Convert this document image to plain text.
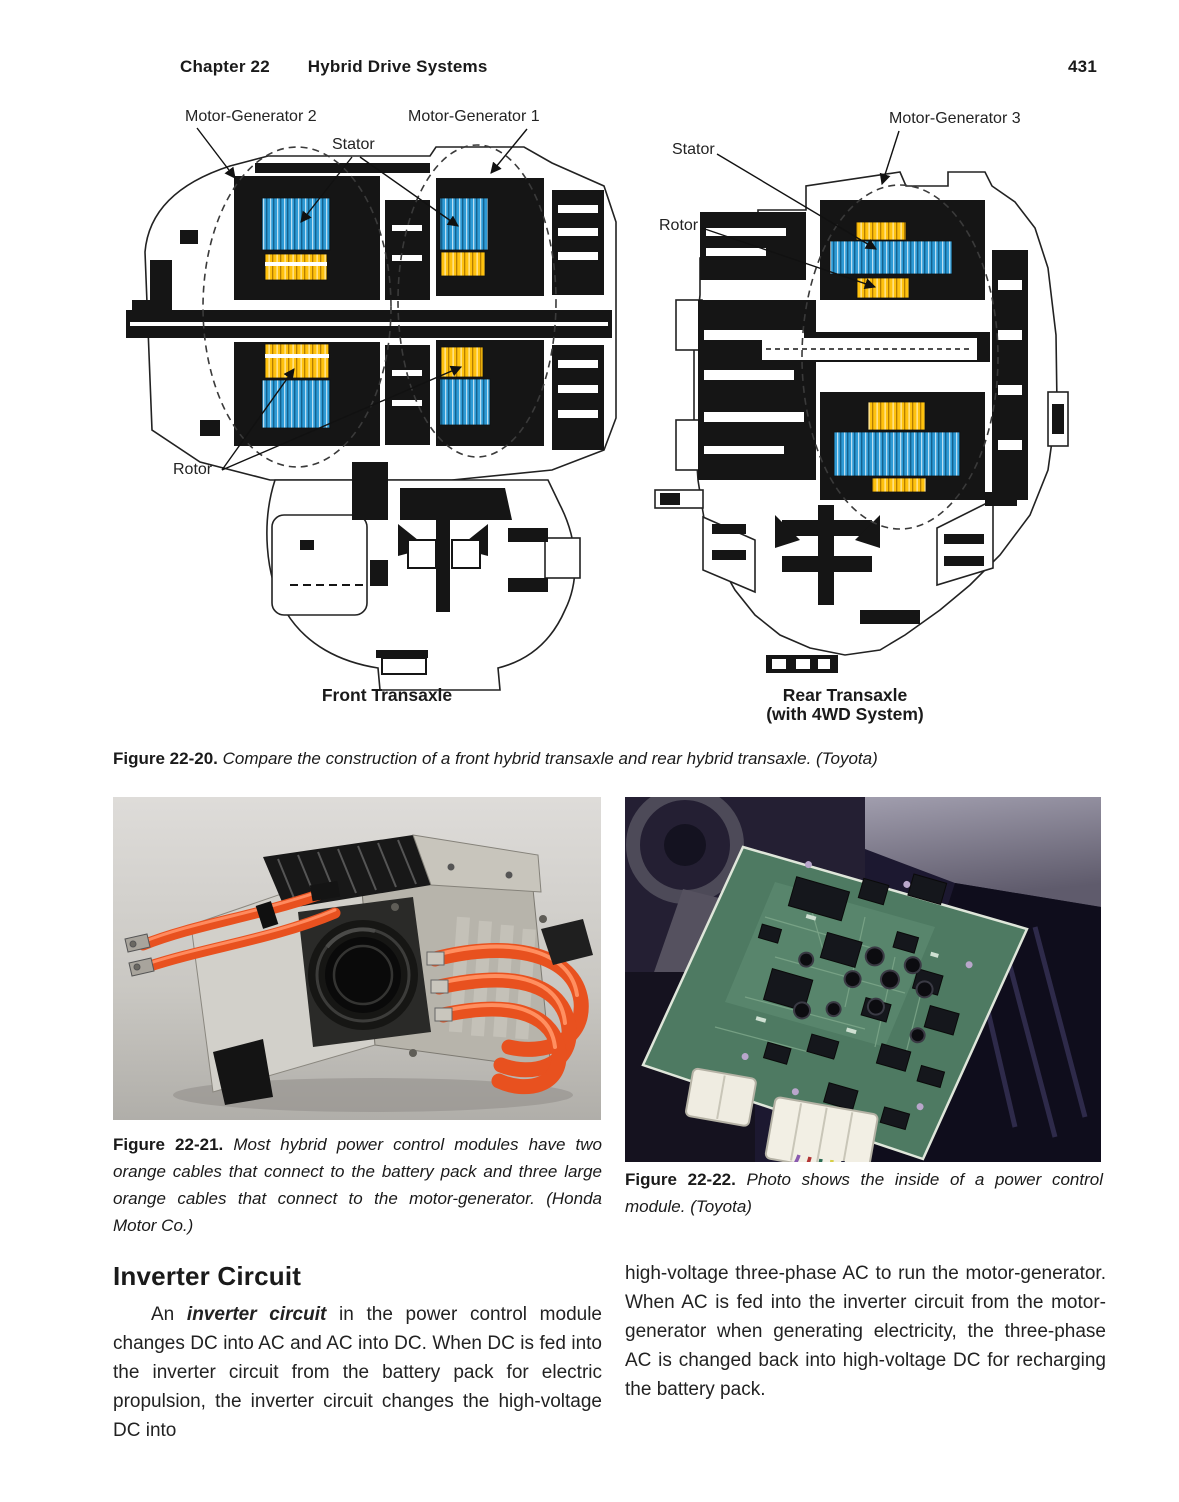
Chapter 22 Hybrid Drive Systems	431
Motor-Generator 2	Motor-Generator 1
Stator
Rotor
Motor-Generator 3
Stator
Rotor
Front Transaxle	Rear Transaxle
(with 4WD System)
Figure 22-20. Compare the construction of a front hybrid transaxle and rear hybrid transaxle. (Toyota)
Figure 22-21. Most hybrid power control modules have two orange cables that connect to the battery pack and three large orange cables that connect to the motor-generator. (Honda Motor Co.)
Figure 22-22. Photo shows the inside of a power control module. (Toyota)
Inverter Circuit

An inverter circuit in the power control module changes DC into AC and AC into DC. When DC is fed into the inverter circuit from the battery pack for electric propulsion, the inverter circuit changes the high-voltage DC into

high-voltage three-phase AC to run the motor-generator. When AC is fed into the inverter circuit from the motor-generator when generating electricity, the three-phase AC is changed back into high-voltage DC for recharging the battery pack.
